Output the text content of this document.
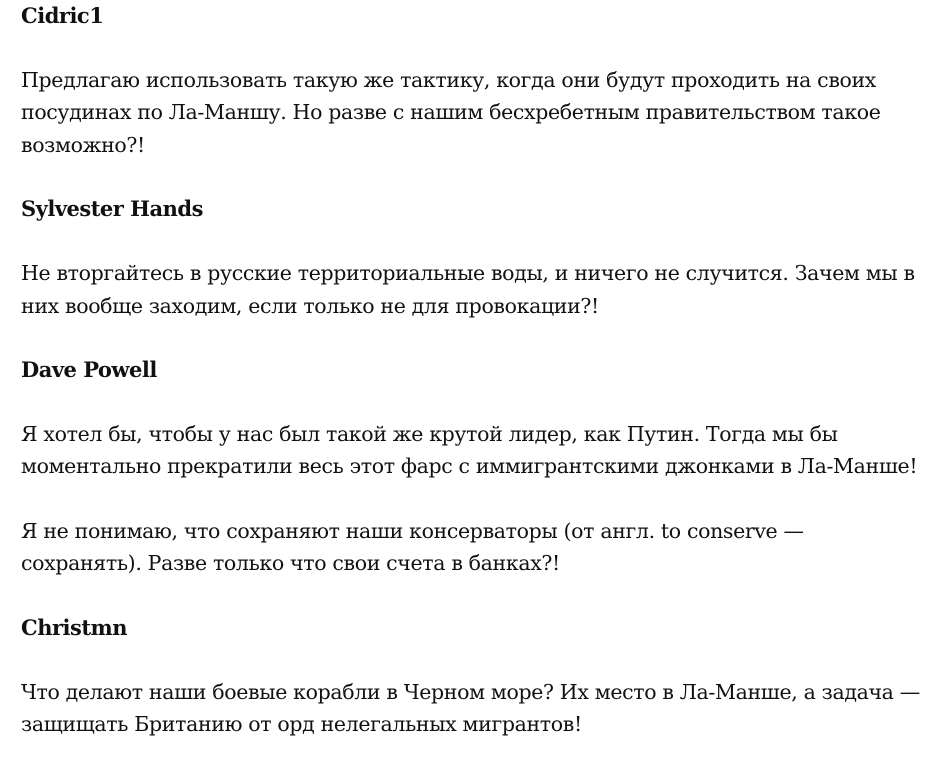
Cidric1

Предлагаю использовать такую же тактику, когда они будут проходить на своих посудинах по Ла-Маншу. Но разве с нашим бесхребетным правительством такое возможно?!

Sylvester Hands

Не вторгайтесь в русские территориальные воды, и ничего не случится. Зачем мы в них вообще заходим, если только не для провокации?!

Dave Powell

Я хотел бы, чтобы у нас был такой же крутой лидер, как Путин. Тогда мы бы моментально прекратили весь этот фарс с иммигрантскими джонками в Ла-Манше!

Я не понимаю, что сохраняют наши консерваторы (от англ. to conserve — сохранять). Разве только что свои счета в банках?!

Christmn

Что делают наши боевые корабли в Черном море? Их место в Ла-Манше, а задача — защищать Британию от орд нелегальных мигрантов!
